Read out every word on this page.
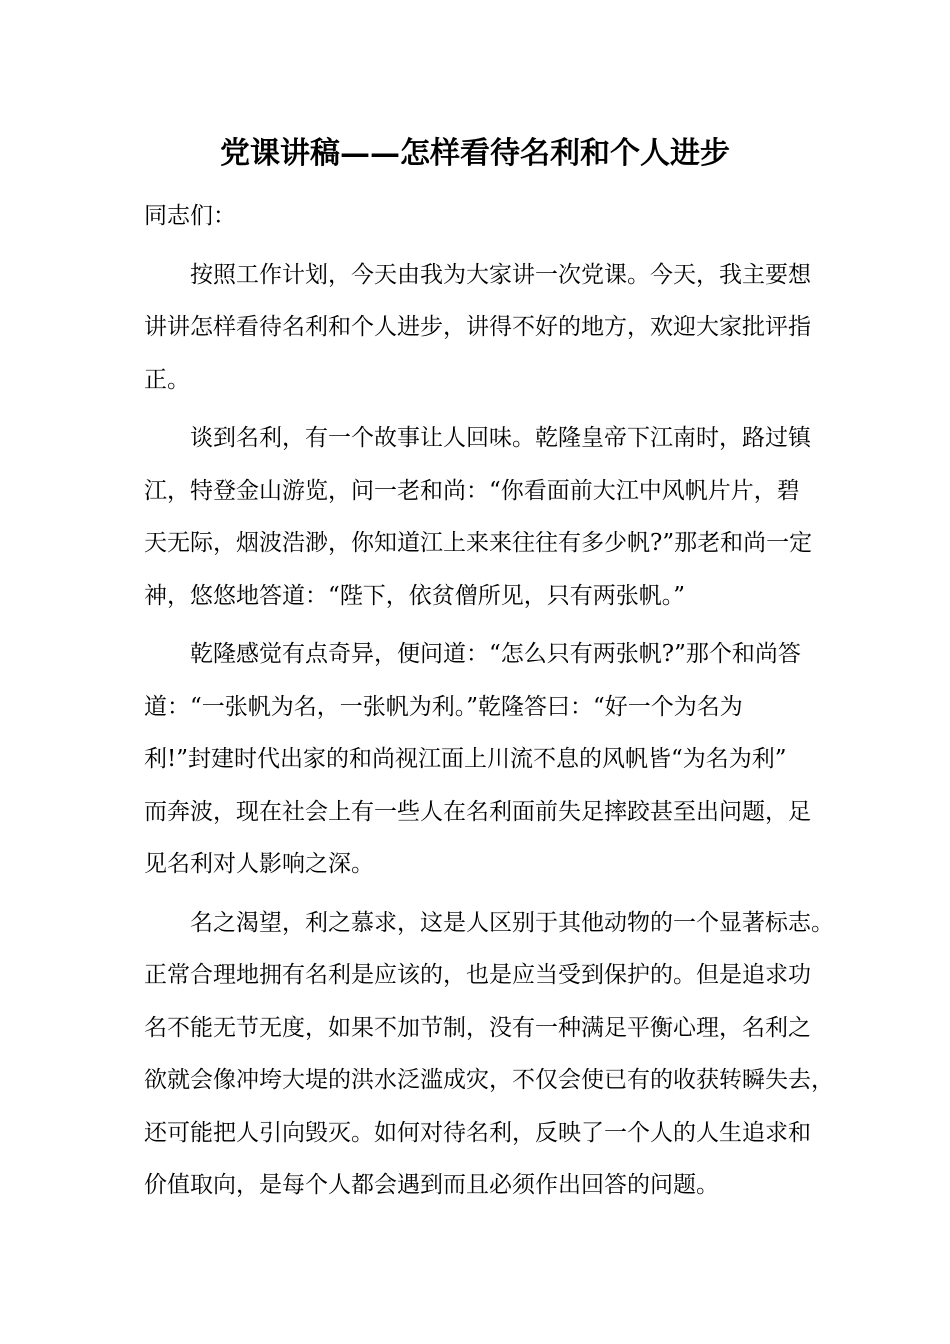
党课讲稿——怎样看待名利和个人进步

同志们：

按照工作计划，今天由我为大家讲一次党课。今天，我主要想
讲讲怎样看待名利和个人进步，讲得不好的地方，欢迎大家批评指
正。
谈到名利，有一个故事让人回味。乾隆皇帝下江南时，路过镇
江，特登金山游览，问一老和尚：“你看面前大江中风帆片片，碧
天无际，烟波浩渺，你知道江上来来往往有多少帆?”那老和尚一定
神，悠悠地答道：“陛下，依贫僧所见，只有两张帆。”
乾隆感觉有点奇异，便问道：“怎么只有两张帆?”那个和尚答
道：“一张帆为名，一张帆为利。”乾隆答曰：“好一个为名为
利!”封建时代出家的和尚视江面上川流不息的风帆皆“为名为利”
而奔波，现在社会上有一些人在名利面前失足摔跤甚至出问题，足
见名利对人影响之深。
名之渴望，利之慕求，这是人区别于其他动物的一个显著标志。
正常合理地拥有名利是应该的，也是应当受到保护的。但是追求功
名不能无节无度，如果不加节制，没有一种满足平衡心理，名利之
欲就会像冲垮大堤的洪水泛滥成灾，不仅会使已有的收获转瞬失去，
还可能把人引向毁灭。如何对待名利，反映了一个人的人生追求和
价值取向，是每个人都会遇到而且必须作出回答的问题。
